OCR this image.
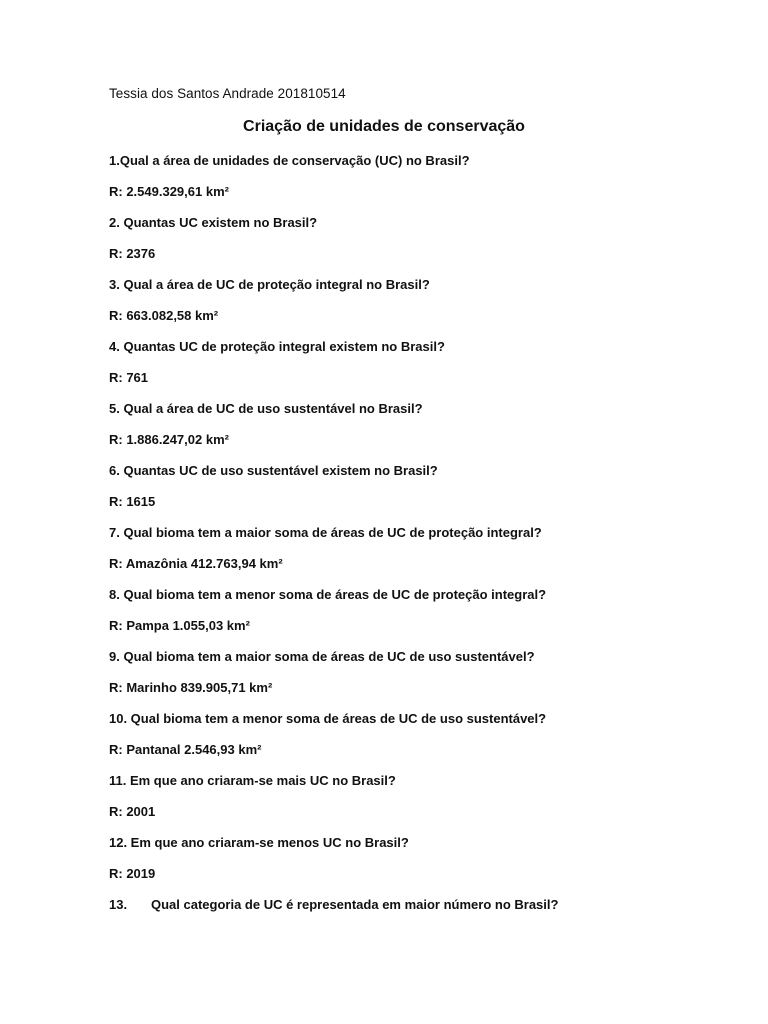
Tessia dos Santos Andrade 201810514
Criação de unidades de conservação
1.Qual a área de unidades de conservação (UC) no Brasil?
R: 2.549.329,61 km²
2. Quantas UC existem no Brasil?
R: 2376
3. Qual a área de UC de proteção integral no Brasil?
R: 663.082,58 km²
4. Quantas UC de proteção integral existem no Brasil?
R: 761
5. Qual a área de UC de uso sustentável no Brasil?
R: 1.886.247,02 km²
6. Quantas UC de uso sustentável existem no Brasil?
R: 1615
7. Qual bioma tem a maior soma de áreas de UC de proteção integral?
R: Amazônia 412.763,94 km²
8. Qual bioma tem a menor soma de áreas de UC de proteção integral?
R: Pampa 1.055,03 km²
9. Qual bioma tem a maior soma de áreas de UC de uso sustentável?
R: Marinho 839.905,71 km²
10. Qual bioma tem a menor soma de áreas de UC de uso sustentável?
R: Pantanal 2.546,93 km²
11. Em que ano criaram-se mais UC no Brasil?
R: 2001
12. Em que ano criaram-se menos UC no Brasil?
R: 2019
13. Qual categoria de UC é representada em maior número no Brasil?
